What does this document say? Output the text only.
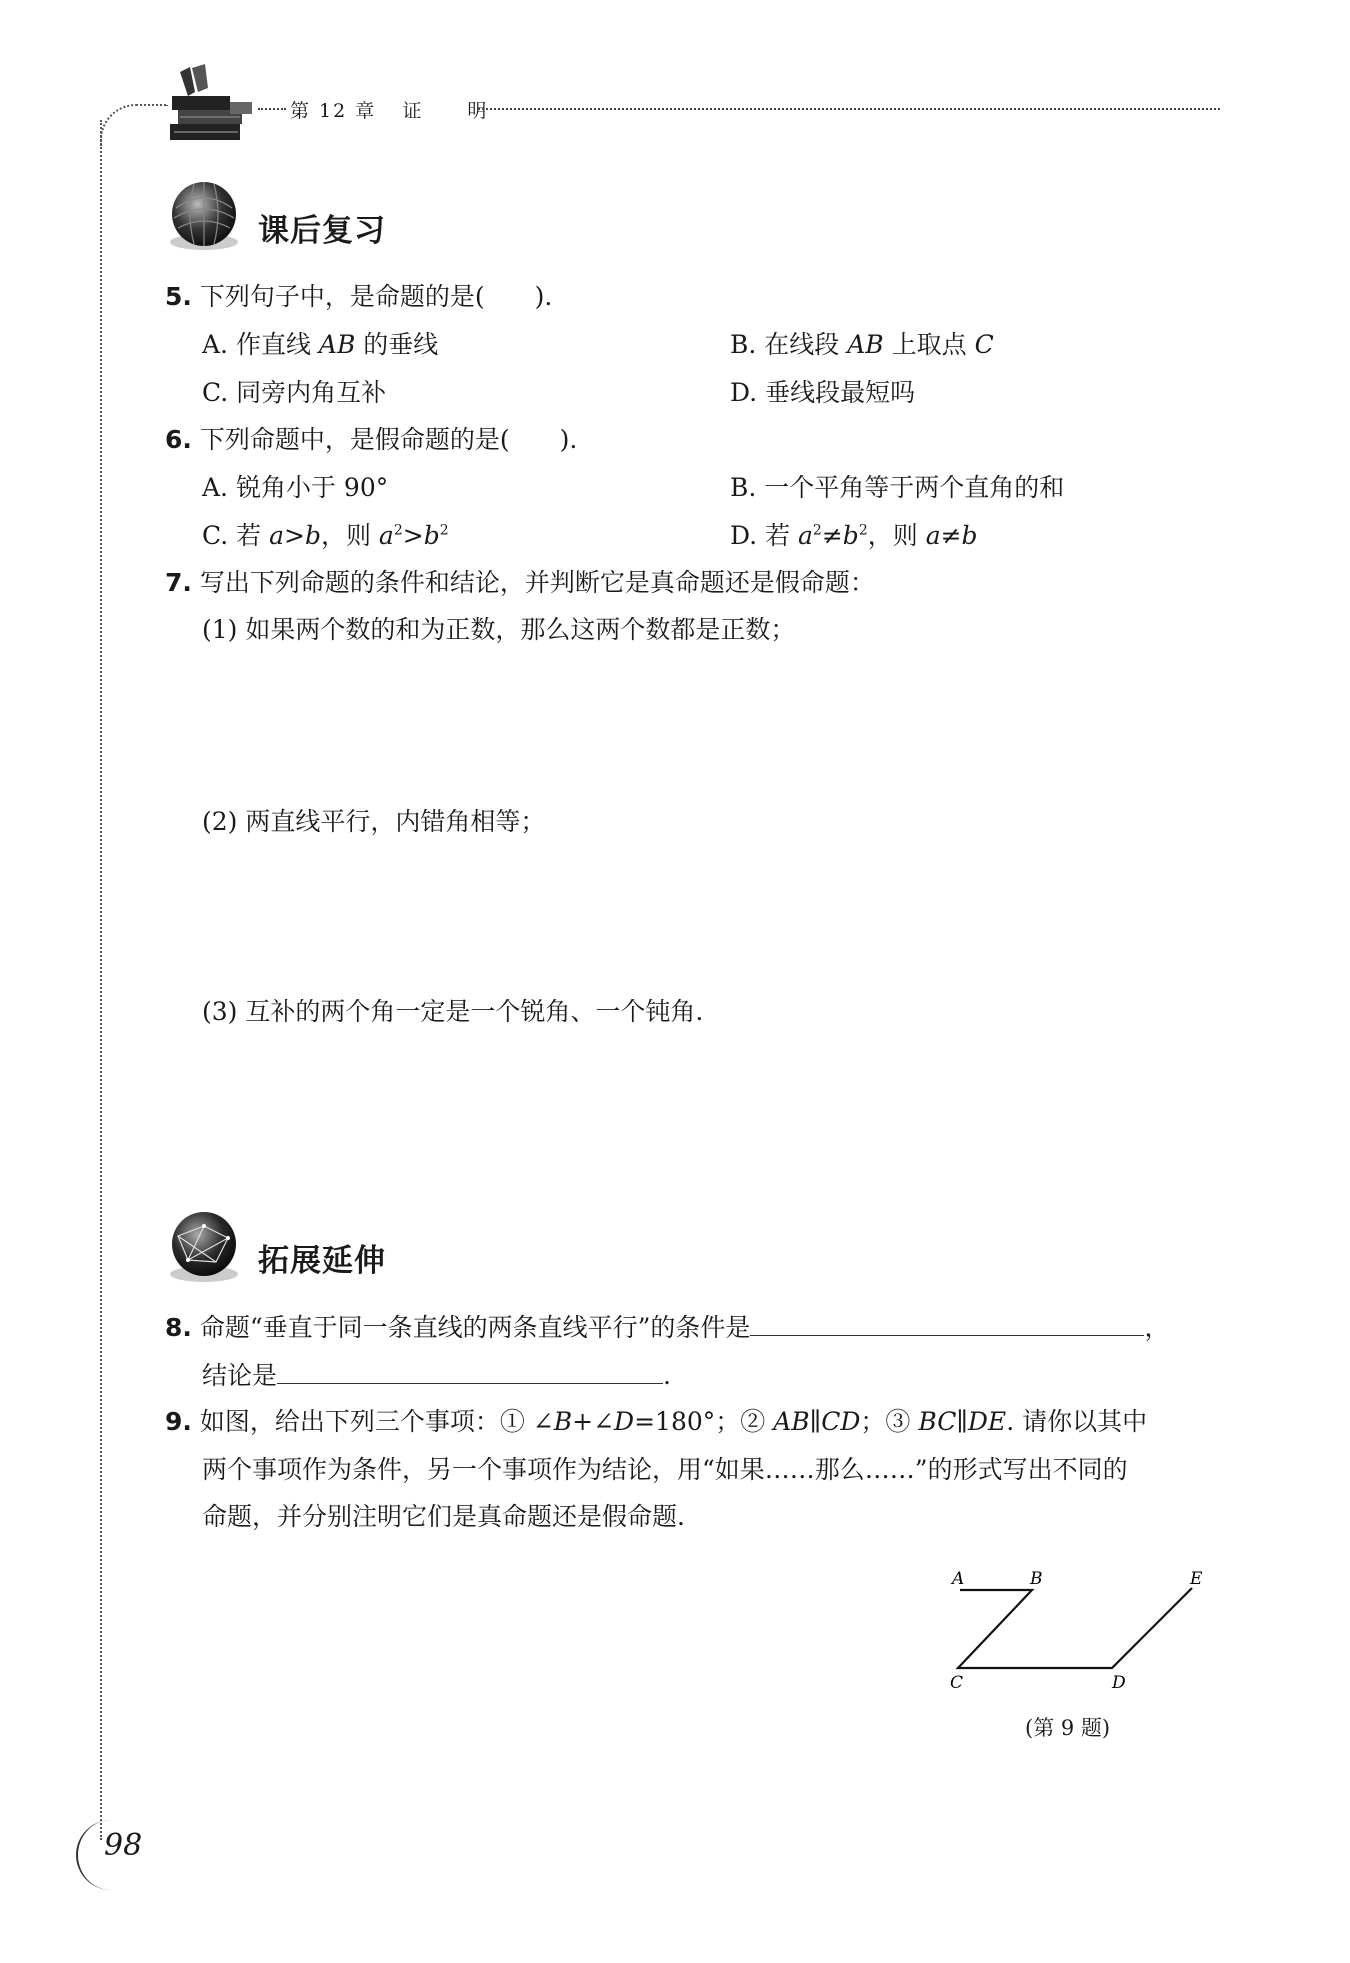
第 12 章 证 明
课后复习
5. 下列句子中，是命题的是(　　).
A. 作直线 AB 的垂线	B. 在线段 AB 上取点 C
C. 同旁内角互补	D. 垂线段最短吗
6. 下列命题中，是假命题的是(　　).
A. 锐角小于 90°	B. 一个平角等于两个直角的和
C. 若 a>b，则 $a^2>b^2$	D. 若 $a^2\ne b^2$，则 a≠b
7. 写出下列命题的条件和结论，并判断它是真命题还是假命题：
(1) 如果两个数的和为正数，那么这两个数都是正数；
(2) 两直线平行，内错角相等；
(3) 互补的两个角一定是一个锐角、一个钝角.
拓展延伸
8. 命题“垂直于同一条直线的两条直线平行”的条件是	，
结论是	.
9. 如图，给出下列三个事项：① ∠B+∠D=180°；② AB∥CD；③ BC∥DE. 请你以其中
两个事项作为条件，另一个事项作为结论，用“如果……那么……”的形式写出不同的
命题，并分别注明它们是真命题还是假命题.
A	B	E
C	D
(第 9 题)
98
